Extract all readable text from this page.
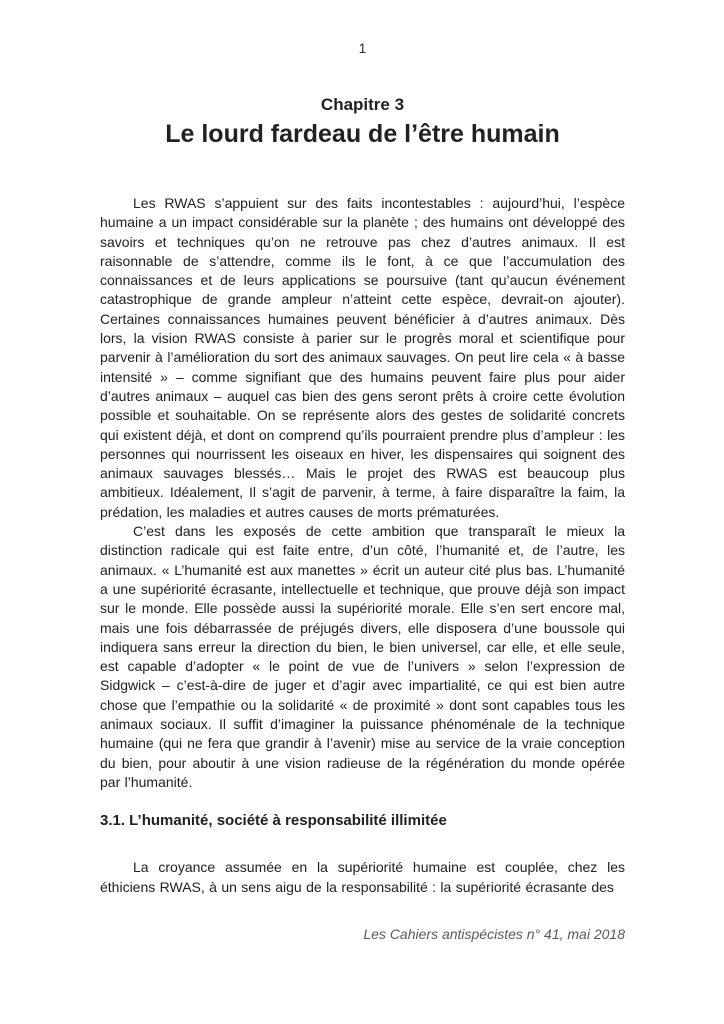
1
Chapitre 3
Le lourd fardeau de l’être humain

Les RWAS s’appuient sur des faits incontestables : aujourd’hui, l’espèce humaine a un impact considérable sur la planète ; des humains ont développé des savoirs et techniques qu’on ne retrouve pas chez d’autres animaux. Il est raisonnable de s’attendre, comme ils le font, à ce que l’accumulation des connaissances et de leurs applications se poursuive (tant qu’aucun événement catastrophique de grande ampleur n’atteint cette espèce, devrait-on ajouter). Certaines connaissances humaines peuvent bénéficier à d’autres animaux. Dès lors, la vision RWAS consiste à parier sur le progrès moral et scientifique pour parvenir à l’amélioration du sort des animaux sauvages. On peut lire cela « à basse intensité » – comme signifiant que des humains peuvent faire plus pour aider d’autres animaux – auquel cas bien des gens seront prêts à croire cette évolution possible et souhaitable. On se représente alors des gestes de solidarité concrets qui existent déjà, et dont on comprend qu’ils pourraient prendre plus d’ampleur : les personnes qui nourrissent les oiseaux en hiver, les dispensaires qui soignent des animaux sauvages blessés… Mais le projet des RWAS est beaucoup plus ambitieux. Idéalement, Il s’agit de parvenir, à terme, à faire disparaître la faim, la prédation, les maladies et autres causes de morts prématurées.

C’est dans les exposés de cette ambition que transparaît le mieux la distinction radicale qui est faite entre, d’un côté, l’humanité et, de l’autre, les animaux. « L’humanité est aux manettes » écrit un auteur cité plus bas. L’humanité a une supériorité écrasante, intellectuelle et technique, que prouve déjà son impact sur le monde. Elle possède aussi la supériorité morale. Elle s’en sert encore mal, mais une fois débarrassée de préjugés divers, elle disposera d’une boussole qui indiquera sans erreur la direction du bien, le bien universel, car elle, et elle seule, est capable d’adopter « le point de vue de l’univers » selon l’expression de Sidgwick – c’est-à-dire de juger et d’agir avec impartialité, ce qui est bien autre chose que l’empathie ou la solidarité « de proximité » dont sont capables tous les animaux sociaux. Il suffit d’imaginer la puissance phénoménale de la technique humaine (qui ne fera que grandir à l’avenir) mise au service de la vraie conception du bien, pour aboutir à une vision radieuse de la régénération du monde opérée par l’humanité.

3.1. L’humanité, société à responsabilité illimitée

La croyance assumée en la supériorité humaine est couplée, chez les éthiciens RWAS, à un sens aigu de la responsabilité : la supériorité écrasante des

Les Cahiers antispécistes n° 41, mai 2018
